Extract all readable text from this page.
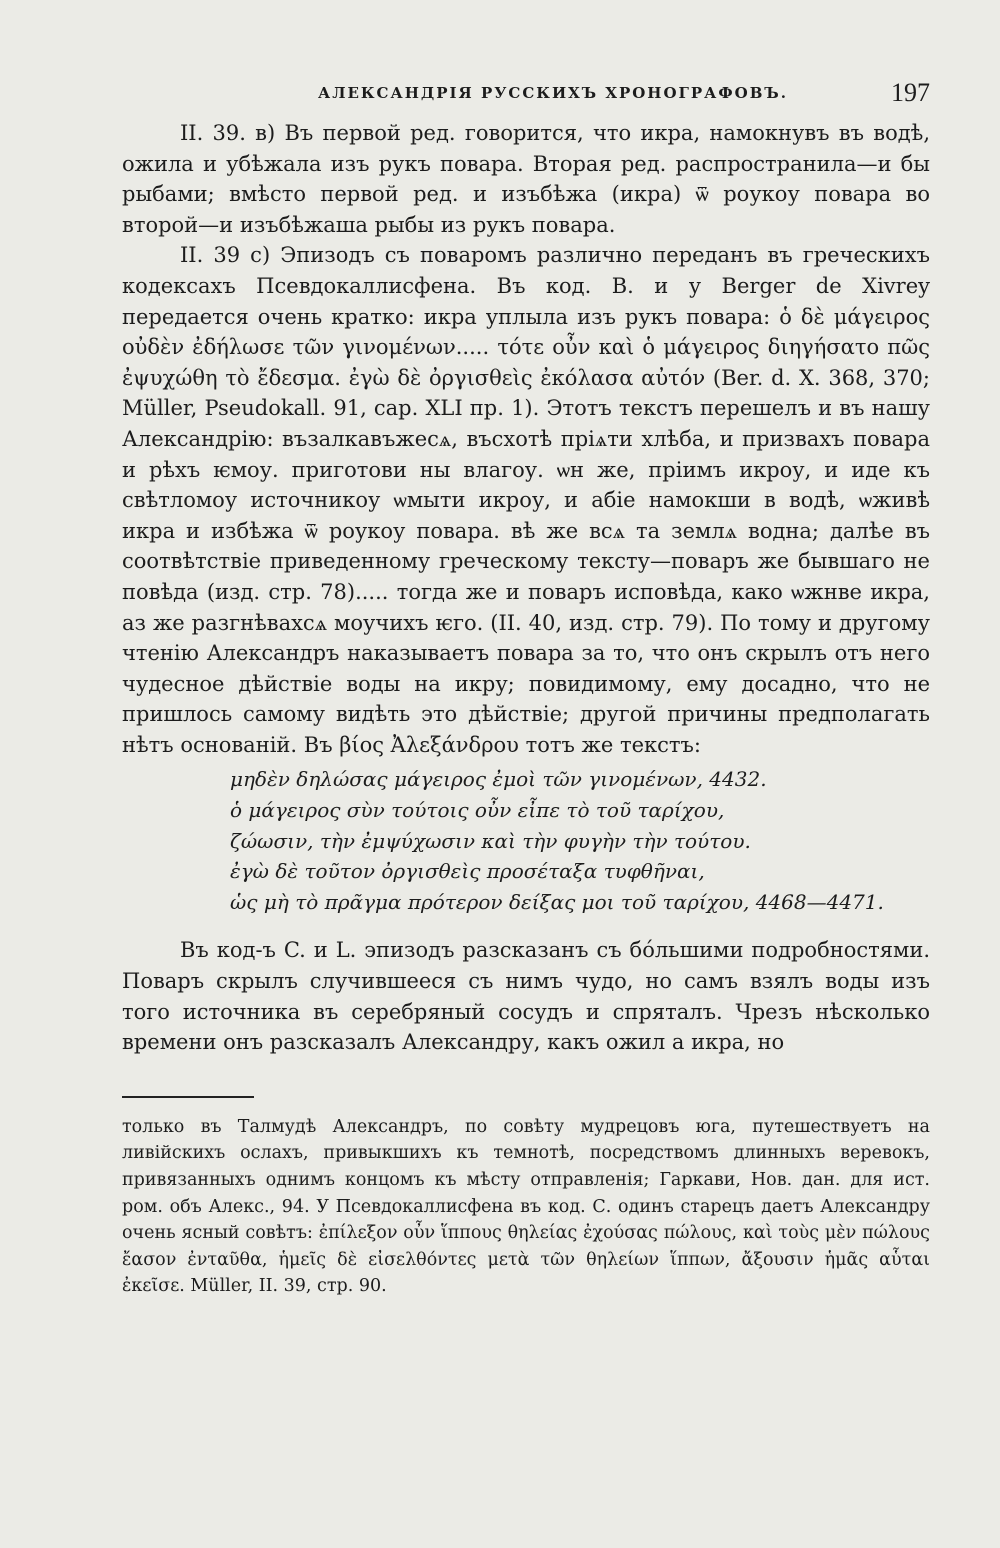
АЛЕКСАНДРІЯ РУССКИХЪ ХРОНОГРАФОВЪ.	197

II. 39. в) Въ первой ред. говорится, что икра, намокнувъ въ водѣ, ожила и убѣжала изъ рукъ повара. Вторая ред. распространила—и бы рыбами; вмѣсто первой ред. и изъбѣжа (икра) ѿ роукоу повара во второй—и изъбѣжаша рыбы из рукъ повара.

II. 39 с) Эпизодъ съ поваромъ различно переданъ въ греческихъ кодексахъ Псевдокаллисфена. Въ код. В. и у Berger de Xivrey передается очень кратко: икра уплыла изъ рукъ повара: ὁ δὲ μάγειρος οὐδὲν ἐδήλωσε τῶν γινομένων..... τότε οὖν καὶ ὁ μάγειρος διηγήσατο πῶς ἐψυχώθη τὸ ἔδεσμα. ἐγὼ δὲ ὀργισθεὶς ἐκόλασα αὐτόν (Ber. d. X. 368, 370; Müller, Pseudokall. 91, cap. XLI пр. 1). Этотъ текстъ перешелъ и въ нашу Александрію: възалкавъжесѧ, въсхотѣ пріѧти хлѣба, и призвахъ повара и рѣхъ ѥмоу. приготови ны влагоу. ѡн же, пріимъ икроу, и иде къ свѣтломоу источникоу ѡмыти икроу, и абіе намокши в водѣ, ѡживѣ икра и избѣжа ѿ роукоу повара. вѣ же всѧ та землѧ водна; далѣе въ соотвѣтствіе приведенному греческому тексту—поваръ же бывшаго не повѣда (изд. стр. 78)..... тогда же и поваръ исповѣда, како ѡжнве икра, аз же разгнѣвахсѧ моучихъ ѥго. (II. 40, изд. стр. 79). По тому и другому чтенію Александръ наказываетъ повара за то, что онъ скрылъ отъ него чудесное дѣйствіе воды на икру; повидимому, ему досадно, что не пришлось самому видѣть это дѣйствіе; другой причины предполагать нѣтъ основаній. Въ βίος Ἀλεξάνδρου тотъ же текстъ:

μηδὲν δηλώσας μάγειρος ἐμοὶ τῶν γινομένων, 4432.
ὁ μάγειρος σὺν τούτοις οὖν εἶπε τὸ τοῦ ταρίχου,
ζώωσιν, τὴν ἐμψύχωσιν καὶ τὴν φυγὴν τὴν τούτου.
ἐγὼ δὲ τοῦτον ὀργισθεὶς προσέταξα τυφθῆναι,
ὡς μὴ τὸ πρᾶγμα πρότερον δείξας μοι τοῦ ταρίχου, 4468—4471.

Въ код-ъ C. и L. эпизодъ разсказанъ съ бо́льшими подробностями. Поваръ скрылъ случившееся съ нимъ чудо, но самъ взялъ воды изъ того источника въ серебряный сосудъ и спряталъ. Чрезъ нѣсколько времени онъ разсказалъ Александру, какъ ожил а икра, но

только въ Талмудѣ Александръ, по совѣту мудрецовъ юга, путешествуетъ на ливійскихъ ослахъ, привыкшихъ къ темнотѣ, посредствомъ длинныхъ веревокъ, привязанныхъ однимъ концомъ къ мѣсту отправленія; Гаркави, Нов. дан. для ист. ром. объ Алекс., 94. У Псевдокаллисфена въ код. С. одинъ старецъ даетъ Александру очень ясный совѣтъ: ἐπίλεξον οὖν ἵππους θηλείας ἐχούσας πώλους, καὶ τοὺς μὲν πώλους ἔασον ἐνταῦθα, ἡμεῖς δὲ εἰσελθόντες μετὰ τῶν θηλείων ἵππων, ἄξουσιν ἡμᾶς αὗται ἐκεῖσε. Müller, II. 39, стр. 90.
